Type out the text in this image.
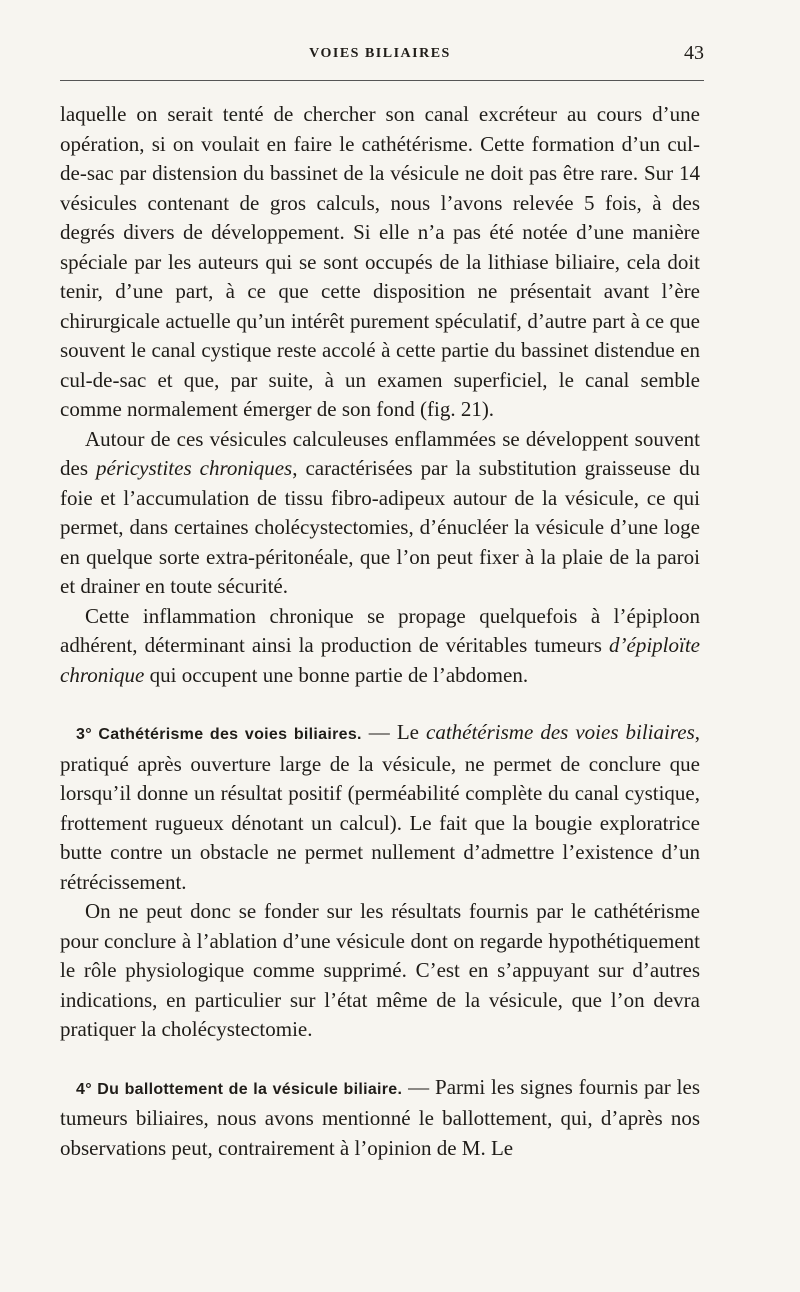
VOIES BILIAIRES	43

laquelle on serait tenté de chercher son canal excréteur au cours d’une opération, si on voulait en faire le cathétérisme. Cette formation d’un cul-de-sac par distension du bassinet de la vésicule ne doit pas être rare. Sur 14 vésicules contenant de gros calculs, nous l’avons relevée 5 fois, à des degrés divers de développement. Si elle n’a pas été notée d’une manière spéciale par les auteurs qui se sont occupés de la lithiase biliaire, cela doit tenir, d’une part, à ce que cette disposition ne présentait avant l’ère chirurgicale actuelle qu’un intérêt purement spéculatif, d’autre part à ce que souvent le canal cystique reste accolé à cette partie du bassinet distendue en cul-de-sac et que, par suite, à un examen superficiel, le canal semble comme normalement émerger de son fond (fig. 21).

Autour de ces vésicules calculeuses enflammées se développent souvent des péricystites chroniques, caractérisées par la substitution graisseuse du foie et l’accumulation de tissu fibro-adipeux autour de la vésicule, ce qui permet, dans certaines cholécystectomies, d’énucléer la vésicule d’une loge en quelque sorte extra-péritonéale, que l’on peut fixer à la plaie de la paroi et drainer en toute sécurité.

Cette inflammation chronique se propage quelquefois à l’épiploon adhérent, déterminant ainsi la production de véritables tumeurs d’épiploïte chronique qui occupent une bonne partie de l’abdomen.

3° Cathétérisme des voies biliaires. — Le cathétérisme des voies biliaires, pratiqué après ouverture large de la vésicule, ne permet de conclure que lorsqu’il donne un résultat positif (perméabilité complète du canal cystique, frottement rugueux dénotant un calcul). Le fait que la bougie exploratrice butte contre un obstacle ne permet nullement d’admettre l’existence d’un rétrécissement.

On ne peut donc se fonder sur les résultats fournis par le cathétérisme pour conclure à l’ablation d’une vésicule dont on regarde hypothétiquement le rôle physiologique comme supprimé. C’est en s’appuyant sur d’autres indications, en particulier sur l’état même de la vésicule, que l’on devra pratiquer la cholécystectomie.

4° Du ballottement de la vésicule biliaire. — Parmi les signes fournis par les tumeurs biliaires, nous avons mentionné le ballottement, qui, d’après nos observations peut, contrairement à l’opinion de M. Le
